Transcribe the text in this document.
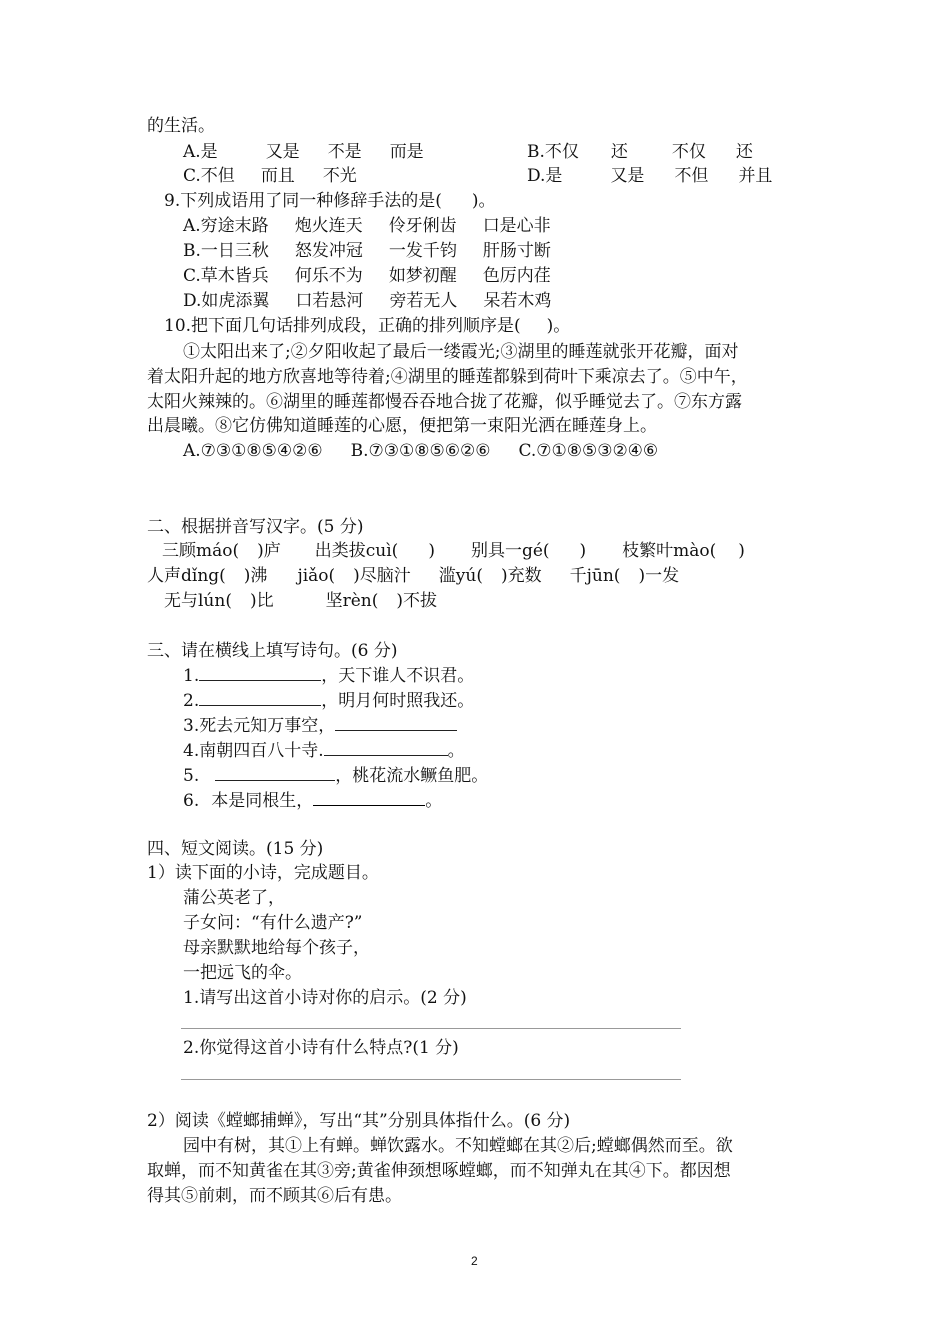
的生活。
A.是	又是 不是 而是	B.不仅 还	不仅 还
C.不但 而且 不光	D.是	又是 不但 并且
9.下列成语用了同一种修辞手法的是( )。
A.穷途末路 炮火连天 伶牙俐齿 口是心非
B.一日三秋 怒发冲冠 一发千钧 肝肠寸断
C.草木皆兵 何乐不为 如梦初醒 色厉内荏
D.如虎添翼 口若悬河 旁若无人 呆若木鸡
10.把下面几句话排列成段，正确的排列顺序是( )。
①太阳出来了;②夕阳收起了最后一缕霞光;③湖里的睡莲就张开花瓣，面对
着太阳升起的地方欣喜地等待着;④湖里的睡莲都躲到荷叶下乘凉去了。⑤中午，
太阳火辣辣的。⑥湖里的睡莲都慢吞吞地合拢了花瓣，似乎睡觉去了。⑦东方露
出晨曦。⑧它仿佛知道睡莲的心愿，便把第一束阳光洒在睡莲身上。
A.⑦③①⑧⑤④②⑥ B.⑦③①⑧⑤⑥②⑥ C.⑦①⑧⑤③②④⑥
二、根据拼音写汉字。(5 分)
三顾máo( )庐 出类拔cuì( ) 别具一gé( ) 枝繁叶mào( )
人声dǐng( )沸 jiǎo( )尽脑汁 滥yú( )充数 千jūn( )一发
无与lún( )比	坚rèn( )不拔
三、请在横线上填写诗句。(6 分)
1.	，天下谁人不识君。
2.	，明月何时照我还。
3.死去元知万事空，
4.南朝四百八十寺.	。
5.	，桃花流水鳜鱼肥。
6. 本是同根生，	。
四、短文阅读。(15 分)
1）读下面的小诗，完成题目。
蒲公英老了，
子女问：“有什么遗产?”
母亲默默地给每个孩子，
一把远飞的伞。
1.请写出这首小诗对你的启示。(2 分)
2.你觉得这首小诗有什么特点?(1 分)
2）阅读《螳螂捕蝉》，写出“其”分别具体指什么。(6 分)
园中有树，其①上有蝉。蝉饮露水。不知螳螂在其②后;螳螂偶然而至。欲
取蝉，而不知黄雀在其③旁;黄雀伸颈想啄螳螂，而不知弹丸在其④下。都因想
得其⑤前刺，而不顾其⑥后有患。
2
